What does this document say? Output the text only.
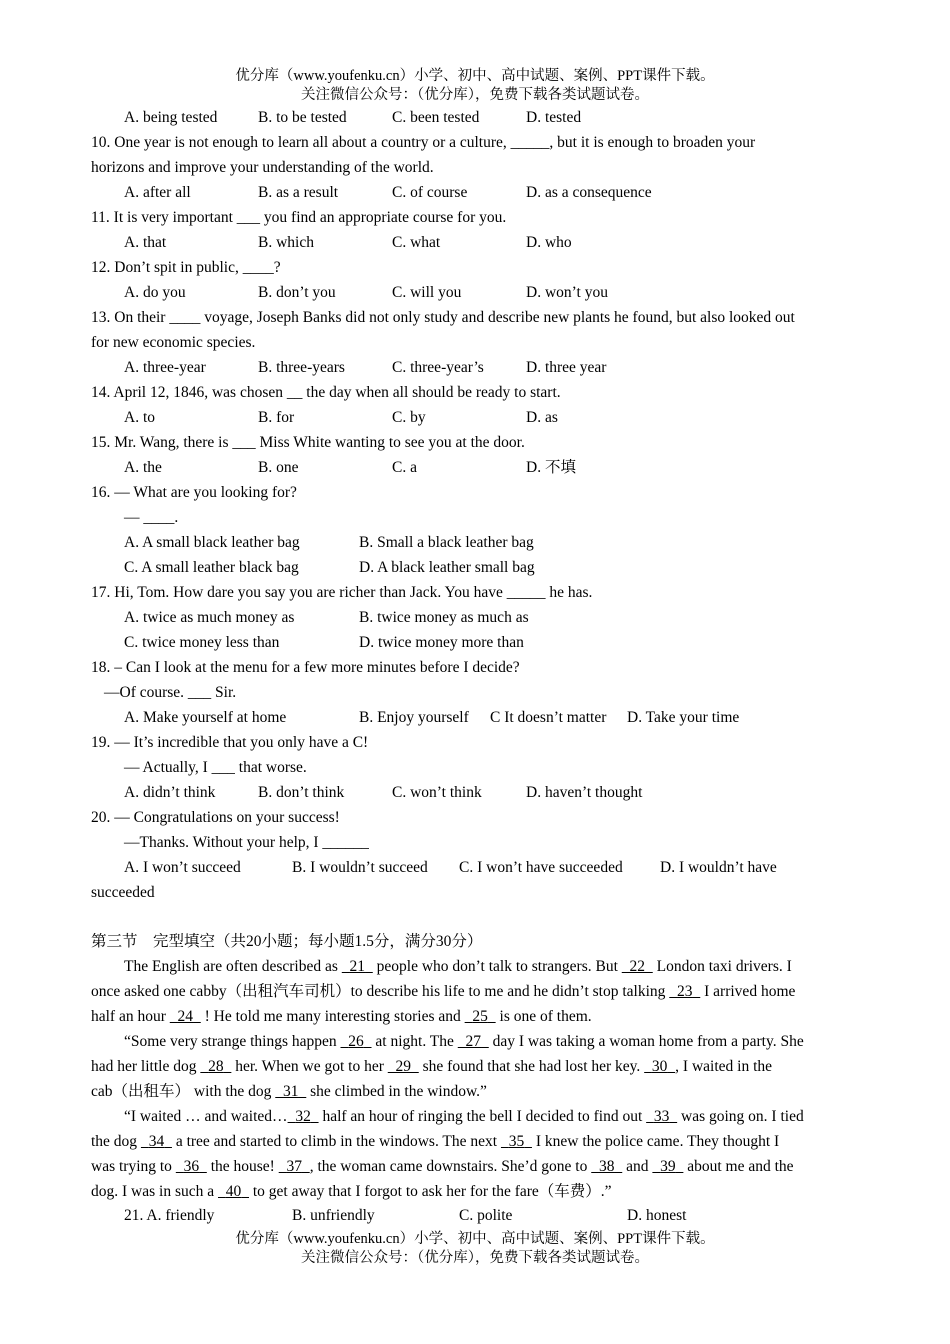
优分库（www.youfenku.cn）小学、初中、高中试题、案例、PPT课件下载。
关注微信公众号：（优分库），免费下载各类试题试卷。
A. being tested	B. to be tested	C. been tested	D. tested
10. One year is not enough to learn all about a country or a culture, _____, but it is enough to broaden your
horizons and improve your understanding of the world.
A. after all	B. as a result	C. of course	D. as a consequence
11. It is very important ___ you find an appropriate course for you.
A. that	B. which	C. what	D. who
12. Don’t spit in public, ____?
A. do you	B. don’t you	C. will you	D. won’t you
13. On their ____ voyage, Joseph Banks did not only study and describe new plants he found, but also looked out
for new economic species.
A. three-year	B. three-years	C. three-year’s	D. three year
14. April 12, 1846, was chosen __ the day when all should be ready to start.
A. to	B. for	C. by	D. as
15. Mr. Wang, there is ___ Miss White wanting to see you at the door.
A. the	B. one	C. a	D. 不填
16. — What are you looking for?
— ____.
A. A small black leather bag	B. Small a black leather bag
C. A small leather black bag	D. A black leather small bag
17. Hi, Tom. How dare you say you are richer than Jack. You have _____ he has.
A. twice as much money as	B. twice money as much as
C. twice money less than	D. twice money more than
18. – Can I look at the menu for a few more minutes before I decide?
—Of course. ___ Sir.
A. Make yourself at home	B. Enjoy yourself C It doesn’t matter D. Take your time
19. — It’s incredible that you only have a C!
— Actually, I ___ that worse.
A. didn’t think	B. don’t think	C. won’t think	D. haven’t thought
20. — Congratulations on your success!
—Thanks. Without your help, I ______
A. I won’t succeed	B. I wouldn’t succeed C. I won’t have succeeded D. I wouldn’t have
succeeded
第三节　完型填空（共20小题；每小题1.5分，满分30分）
The English are often described as   21   people who don’t talk to strangers. But   22   London taxi drivers. I
once asked one cabby（出租汽车司机）to describe his life to me and he didn’t stop talking   23   I arrived home
half an hour   24   ! He told me many interesting stories and   25   is one of them.
“Some very strange things happen   26   at night. The   27   day I was taking a woman home from a party. She
had her little dog   28   her. When we got to her   29   she found that she had lost her key.   30 , I waited in the
cab（出租车） with the dog   31   she climbed in the window.”
“I waited … and waited… 32   half an hour of ringing the bell I decided to find out   33   was going on. I tied
the dog   34   a tree and started to climb in the windows. The next   35   I knew the police came. They thought I
was trying to   36   the house!   37 , the woman came downstairs. She’d gone to   38   and   39   about me and the
dog. I was in such a   40   to get away that I forgot to ask her for the fare（车费）.”
21. A. friendly	B. unfriendly	C. polite	D. honest
优分库（www.youfenku.cn）小学、初中、高中试题、案例、PPT课件下载。
关注微信公众号：（优分库），免费下载各类试题试卷。
